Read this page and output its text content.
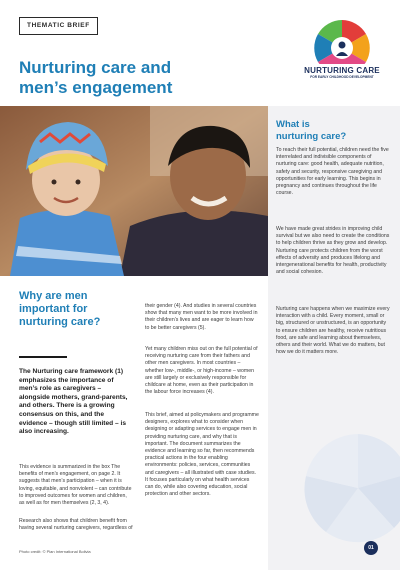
THEMATIC BRIEF
Nurturing care and
men’s engagement
NURTURING CARE
FOR EARLY CHILDHOOD DEVELOPMENT
What is
nurturing care?
To reach their full potential, children need the five interrelated and indivisible components of nurturing care: good health, adequate nutrition, safety and security, responsive caregiving and opportunities for early learning. This begins in pregnancy and continues throughout the life course.
We have made great strides in improving child survival but we also need to create the conditions to help children thrive as they grow and develop. Nurturing care protects children from the worst effects of adversity and produces lifelong and intergenerational benefits for health, productivity and social cohesion.
Nurturing care happens when we maximize every interaction with a child. Every moment, small or big, structured or unstructured, is an opportunity to ensure children are healthy, receive nutritious food, are safe and learning about themselves, others and their world. What we do matters, but how we do it matters more.
Why are men
important for
nurturing care?
The Nurturing care framework (1) emphasizes the importance of men’s role as caregivers – alongside mothers, grand-parents, and others. There is a growing consensus on this, and the evidence – though still limited – is also increasing.
This evidence is summarized in the box The benefits of men’s engagement, on page 2. It suggests that men’s participation – when it is loving, equitable, and nonviolent – can contribute to improved outcomes for women and children, as well as for men themselves (2, 3, 4).
Research also shows that children benefit from having several nurturing caregivers, regardless of
their gender (4). And studies in several countries show that many men want to be more involved in their children’s lives and are eager to learn how to be better caregivers (5).
Yet many children miss out on the full potential of receiving nurturing care from their fathers and other men caregivers. In most countries – whether low-, middle-, or high-income – women are still largely or exclusively responsible for childcare at home, even as their participation in the labour force increases (4).
This brief, aimed at policymakers and programme designers, explores what to consider when designing or adapting services to engage men in providing nurturing care, and why that is important. The document summarizes the evidence and learning so far, then recommends practical actions in the four enabling environments: policies, services, communities and caregivers – all illustrated with case studies. It focuses particularly on what health services can do, while also covering education, social protection and other sectors.
Photo credit: © Plan International Bolivia
01
